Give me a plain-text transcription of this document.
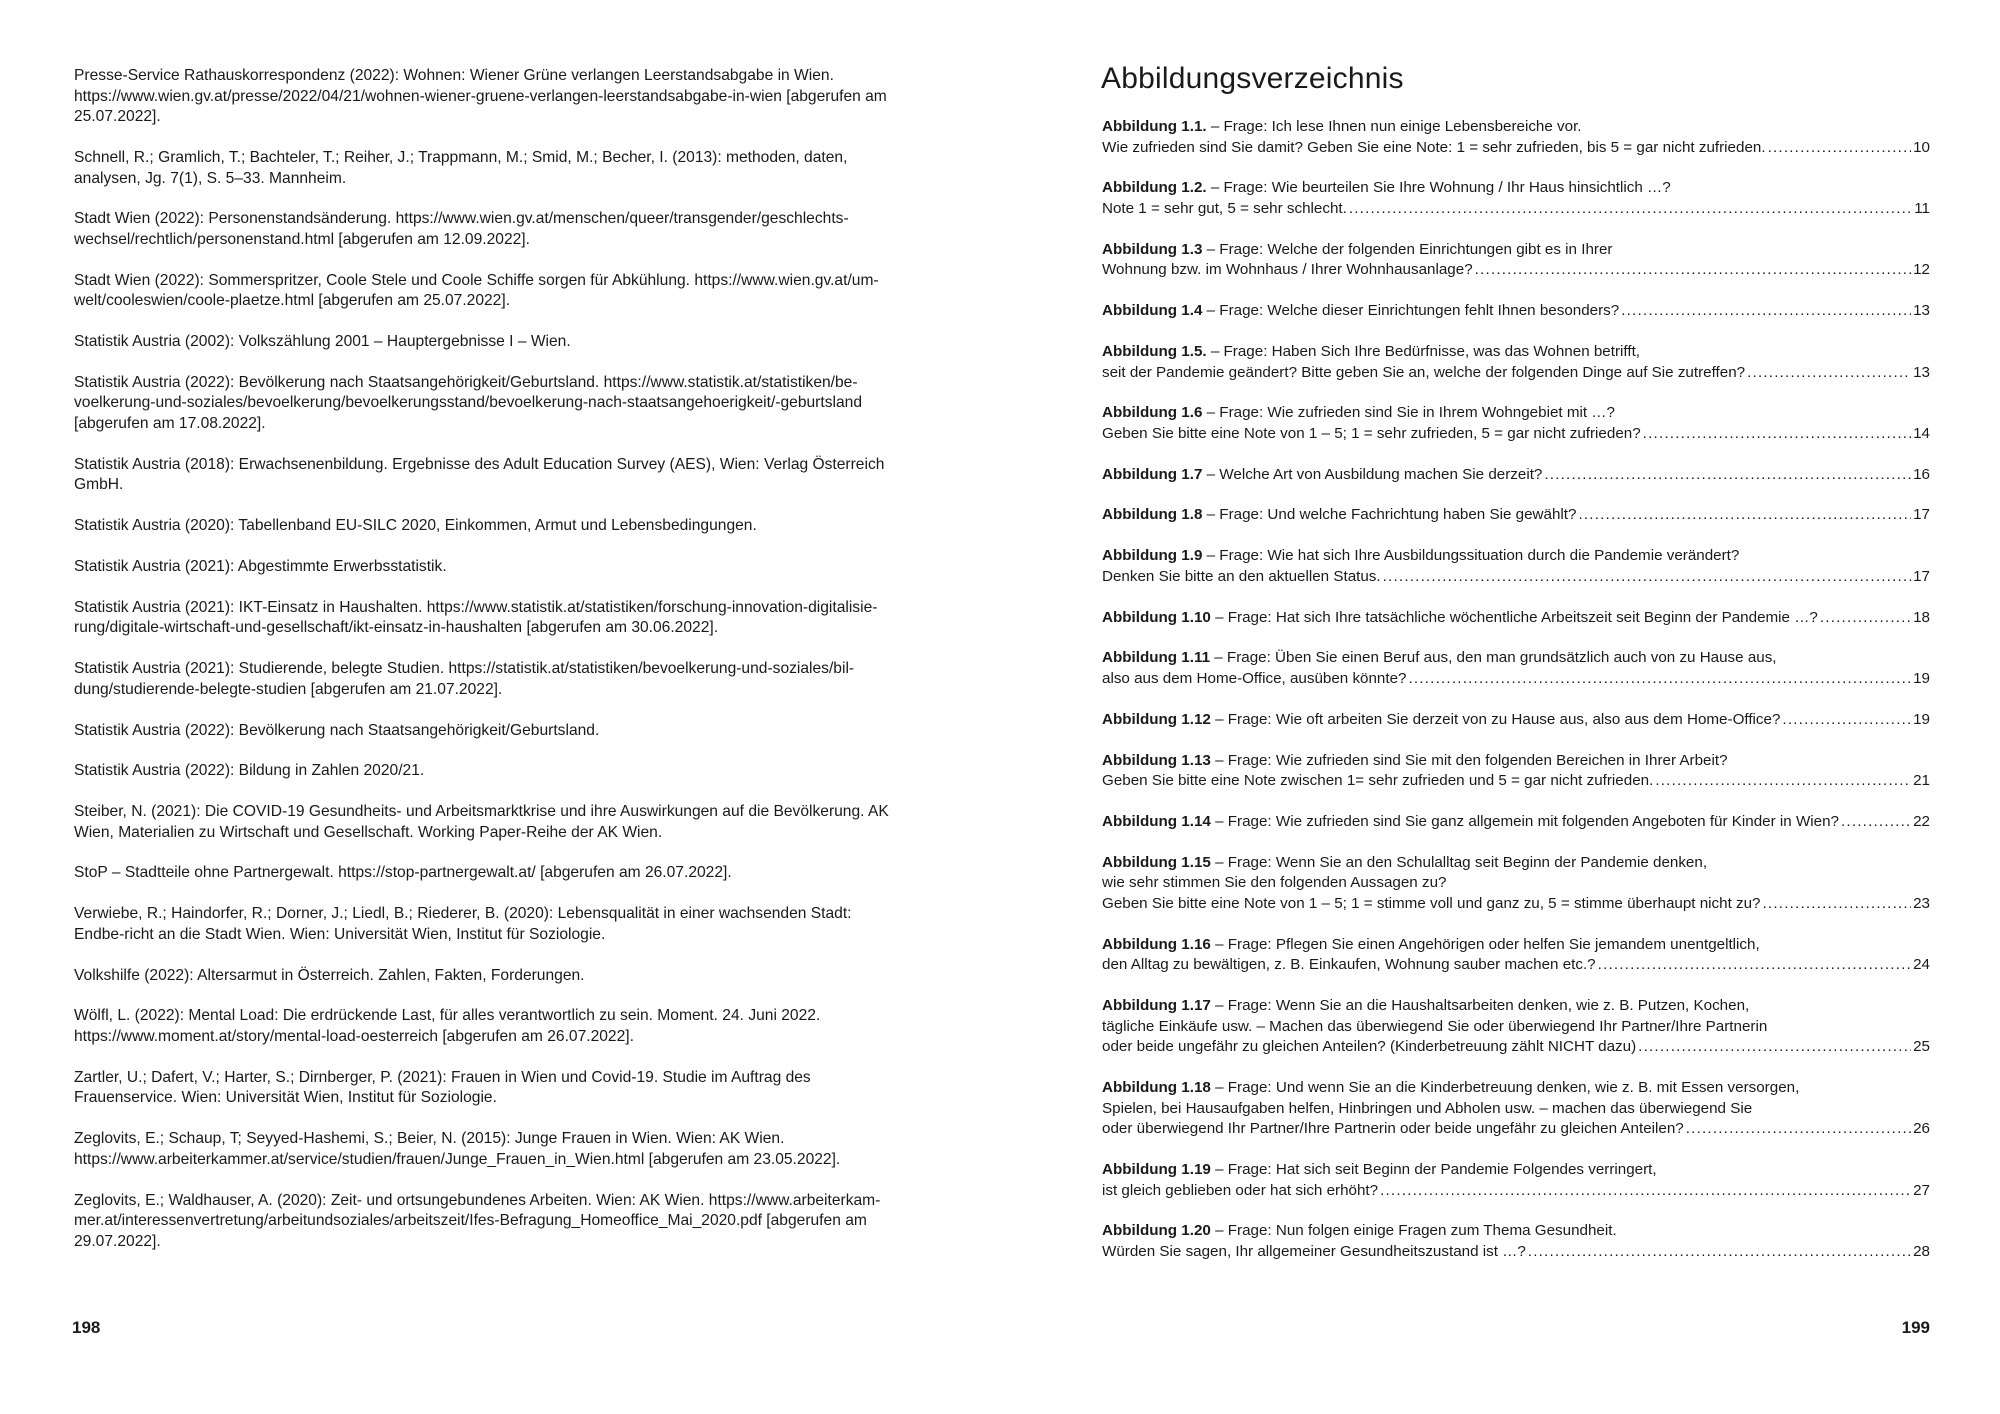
Presse-Service Rathauskorrespondenz (2022): Wohnen: Wiener Grüne verlangen Leerstandsabgabe in Wien. https://www.wien.gv.at/presse/2022/04/21/wohnen-wiener-gruene-verlangen-leerstandsabgabe-in-wien [abgerufen am 25.07.2022].

Schnell, R.; Gramlich, T.; Bachteler, T.; Reiher, J.; Trappmann, M.; Smid, M.; Becher, I. (2013): methoden, daten, analysen, Jg. 7(1), S. 5–33. Mannheim.

Stadt Wien (2022): Personenstandsänderung. https://www.wien.gv.at/menschen/queer/transgender/geschlechts-wechsel/rechtlich/personenstand.html [abgerufen am 12.09.2022].

Stadt Wien (2022): Sommerspritzer, Coole Stele und Coole Schiffe sorgen für Abkühlung. https://www.wien.gv.at/um-welt/cooleswien/coole-plaetze.html [abgerufen am 25.07.2022].

Statistik Austria (2002): Volkszählung 2001 – Hauptergebnisse I – Wien.

Statistik Austria (2022): Bevölkerung nach Staatsangehörigkeit/Geburtsland. https://www.statistik.at/statistiken/be-voelkerung-und-soziales/bevoelkerung/bevoelkerungsstand/bevoelkerung-nach-staatsangehoerigkeit/-geburtsland [abgerufen am 17.08.2022].

Statistik Austria (2018): Erwachsenenbildung. Ergebnisse des Adult Education Survey (AES), Wien: Verlag Österreich GmbH.

Statistik Austria (2020): Tabellenband EU-SILC 2020, Einkommen, Armut und Lebensbedingungen.

Statistik Austria (2021): Abgestimmte Erwerbsstatistik.

Statistik Austria (2021): IKT-Einsatz in Haushalten. https://www.statistik.at/statistiken/forschung-innovation-digitalisie-rung/digitale-wirtschaft-und-gesellschaft/ikt-einsatz-in-haushalten [abgerufen am 30.06.2022].

Statistik Austria (2021): Studierende, belegte Studien. https://statistik.at/statistiken/bevoelkerung-und-soziales/bil-dung/studierende-belegte-studien [abgerufen am 21.07.2022].

Statistik Austria (2022): Bevölkerung nach Staatsangehörigkeit/Geburtsland.

Statistik Austria (2022): Bildung in Zahlen 2020/21.

Steiber, N. (2021): Die COVID-19 Gesundheits- und Arbeitsmarktkrise und ihre Auswirkungen auf die Bevölkerung. AK Wien, Materialien zu Wirtschaft und Gesellschaft. Working Paper-Reihe der AK Wien.

StoP – Stadtteile ohne Partnergewalt. https://stop-partnergewalt.at/ [abgerufen am 26.07.2022].

Verwiebe, R.; Haindorfer, R.; Dorner, J.; Liedl, B.; Riederer, B. (2020): Lebensqualität in einer wachsenden Stadt: Endbe-richt an die Stadt Wien. Wien: Universität Wien, Institut für Soziologie.

Volkshilfe (2022): Altersarmut in Österreich. Zahlen, Fakten, Forderungen.

Wölfl, L. (2022): Mental Load: Die erdrückende Last, für alles verantwortlich zu sein. Moment. 24. Juni 2022. https://www.moment.at/story/mental-load-oesterreich [abgerufen am 26.07.2022].

Zartler, U.; Dafert, V.; Harter, S.; Dirnberger, P. (2021): Frauen in Wien und Covid-19. Studie im Auftrag des Frauenservice. Wien: Universität Wien, Institut für Soziologie.

Zeglovits, E.; Schaup, T; Seyyed-Hashemi, S.; Beier, N. (2015): Junge Frauen in Wien. Wien: AK Wien. https://www.arbeiterkammer.at/service/studien/frauen/Junge_Frauen_in_Wien.html [abgerufen am 23.05.2022].

Zeglovits, E.; Waldhauser, A. (2020): Zeit- und ortsungebundenes Arbeiten. Wien: AK Wien. https://www.arbeiterkam-mer.at/interessenvertretung/arbeitundsoziales/arbeitszeit/Ifes-Befragung_Homeoffice_Mai_2020.pdf [abgerufen am 29.07.2022].

198
Abbildungsverzeichnis
Abbildung 1.1. – Frage: Ich lese Ihnen nun einige Lebensbereiche vor.
Wie zufrieden sind Sie damit? Geben Sie eine Note: 1 = sehr zufrieden, bis 5 = gar nicht zufrieden. .....	10
Abbildung 1.2. – Frage: Wie beurteilen Sie Ihre Wohnung / Ihr Haus hinsichtlich …?
Note 1 = sehr gut, 5 = sehr schlecht. .....	11
Abbildung 1.3 – Frage: Welche der folgenden Einrichtungen gibt es in Ihrer
Wohnung bzw. im Wohnhaus / Ihrer Wohnhausanlage? .....	12
Abbildung 1.4 – Frage: Welche dieser Einrichtungen fehlt Ihnen besonders? .....	13
Abbildung 1.5. – Frage: Haben Sich Ihre Bedürfnisse, was das Wohnen betrifft,
seit der Pandemie geändert? Bitte geben Sie an, welche der folgenden Dinge auf Sie zutreffen? .....	13
Abbildung 1.6 – Frage: Wie zufrieden sind Sie in Ihrem Wohngebiet mit …?
Geben Sie bitte eine Note von 1 – 5; 1 = sehr zufrieden, 5 = gar nicht zufrieden? .....	14
Abbildung 1.7 – Welche Art von Ausbildung machen Sie derzeit? .....	16
Abbildung 1.8 – Frage: Und welche Fachrichtung haben Sie gewählt? .....	17
Abbildung 1.9 – Frage: Wie hat sich Ihre Ausbildungssituation durch die Pandemie verändert?
Denken Sie bitte an den aktuellen Status. .....	17
Abbildung 1.10 – Frage: Hat sich Ihre tatsächliche wöchentliche Arbeitszeit seit Beginn der Pandemie …? .....	18
Abbildung 1.11 – Frage: Üben Sie einen Beruf aus, den man grundsätzlich auch von zu Hause aus,
also aus dem Home-Office, ausüben könnte? .....	19
Abbildung 1.12 – Frage: Wie oft arbeiten Sie derzeit von zu Hause aus, also aus dem Home-Office? .....	19
Abbildung 1.13 – Frage: Wie zufrieden sind Sie mit den folgenden Bereichen in Ihrer Arbeit?
Geben Sie bitte eine Note zwischen 1= sehr zufrieden und 5 = gar nicht zufrieden. .....	21
Abbildung 1.14 – Frage: Wie zufrieden sind Sie ganz allgemein mit folgenden Angeboten für Kinder in Wien? .....	22
Abbildung 1.15 – Frage: Wenn Sie an den Schulalltag seit Beginn der Pandemie denken,
wie sehr stimmen Sie den folgenden Aussagen zu?
Geben Sie bitte eine Note von 1 – 5; 1 = stimme voll und ganz zu, 5 = stimme überhaupt nicht zu? .....	23
Abbildung 1.16 – Frage: Pflegen Sie einen Angehörigen oder helfen Sie jemandem unentgeltlich,
den Alltag zu bewältigen, z. B. Einkaufen, Wohnung sauber machen etc.? .....	24
Abbildung 1.17 – Frage: Wenn Sie an die Haushaltsarbeiten denken, wie z. B. Putzen, Kochen,
tägliche Einkäufe usw. – Machen das überwiegend Sie oder überwiegend Ihr Partner/Ihre Partnerin
oder beide ungefähr zu gleichen Anteilen? (Kinderbetreuung zählt NICHT dazu) .....	25
Abbildung 1.18 – Frage: Und wenn Sie an die Kinderbetreuung denken, wie z. B. mit Essen versorgen,
Spielen, bei Hausaufgaben helfen, Hinbringen und Abholen usw. – machen das überwiegend Sie
oder überwiegend Ihr Partner/Ihre Partnerin oder beide ungefähr zu gleichen Anteilen? .....	26
Abbildung 1.19 – Frage: Hat sich seit Beginn der Pandemie Folgendes verringert,
ist gleich geblieben oder hat sich erhöht? .....	27
Abbildung 1.20 – Frage: Nun folgen einige Fragen zum Thema Gesundheit.
Würden Sie sagen, Ihr allgemeiner Gesundheitszustand ist …? .....	28
199
